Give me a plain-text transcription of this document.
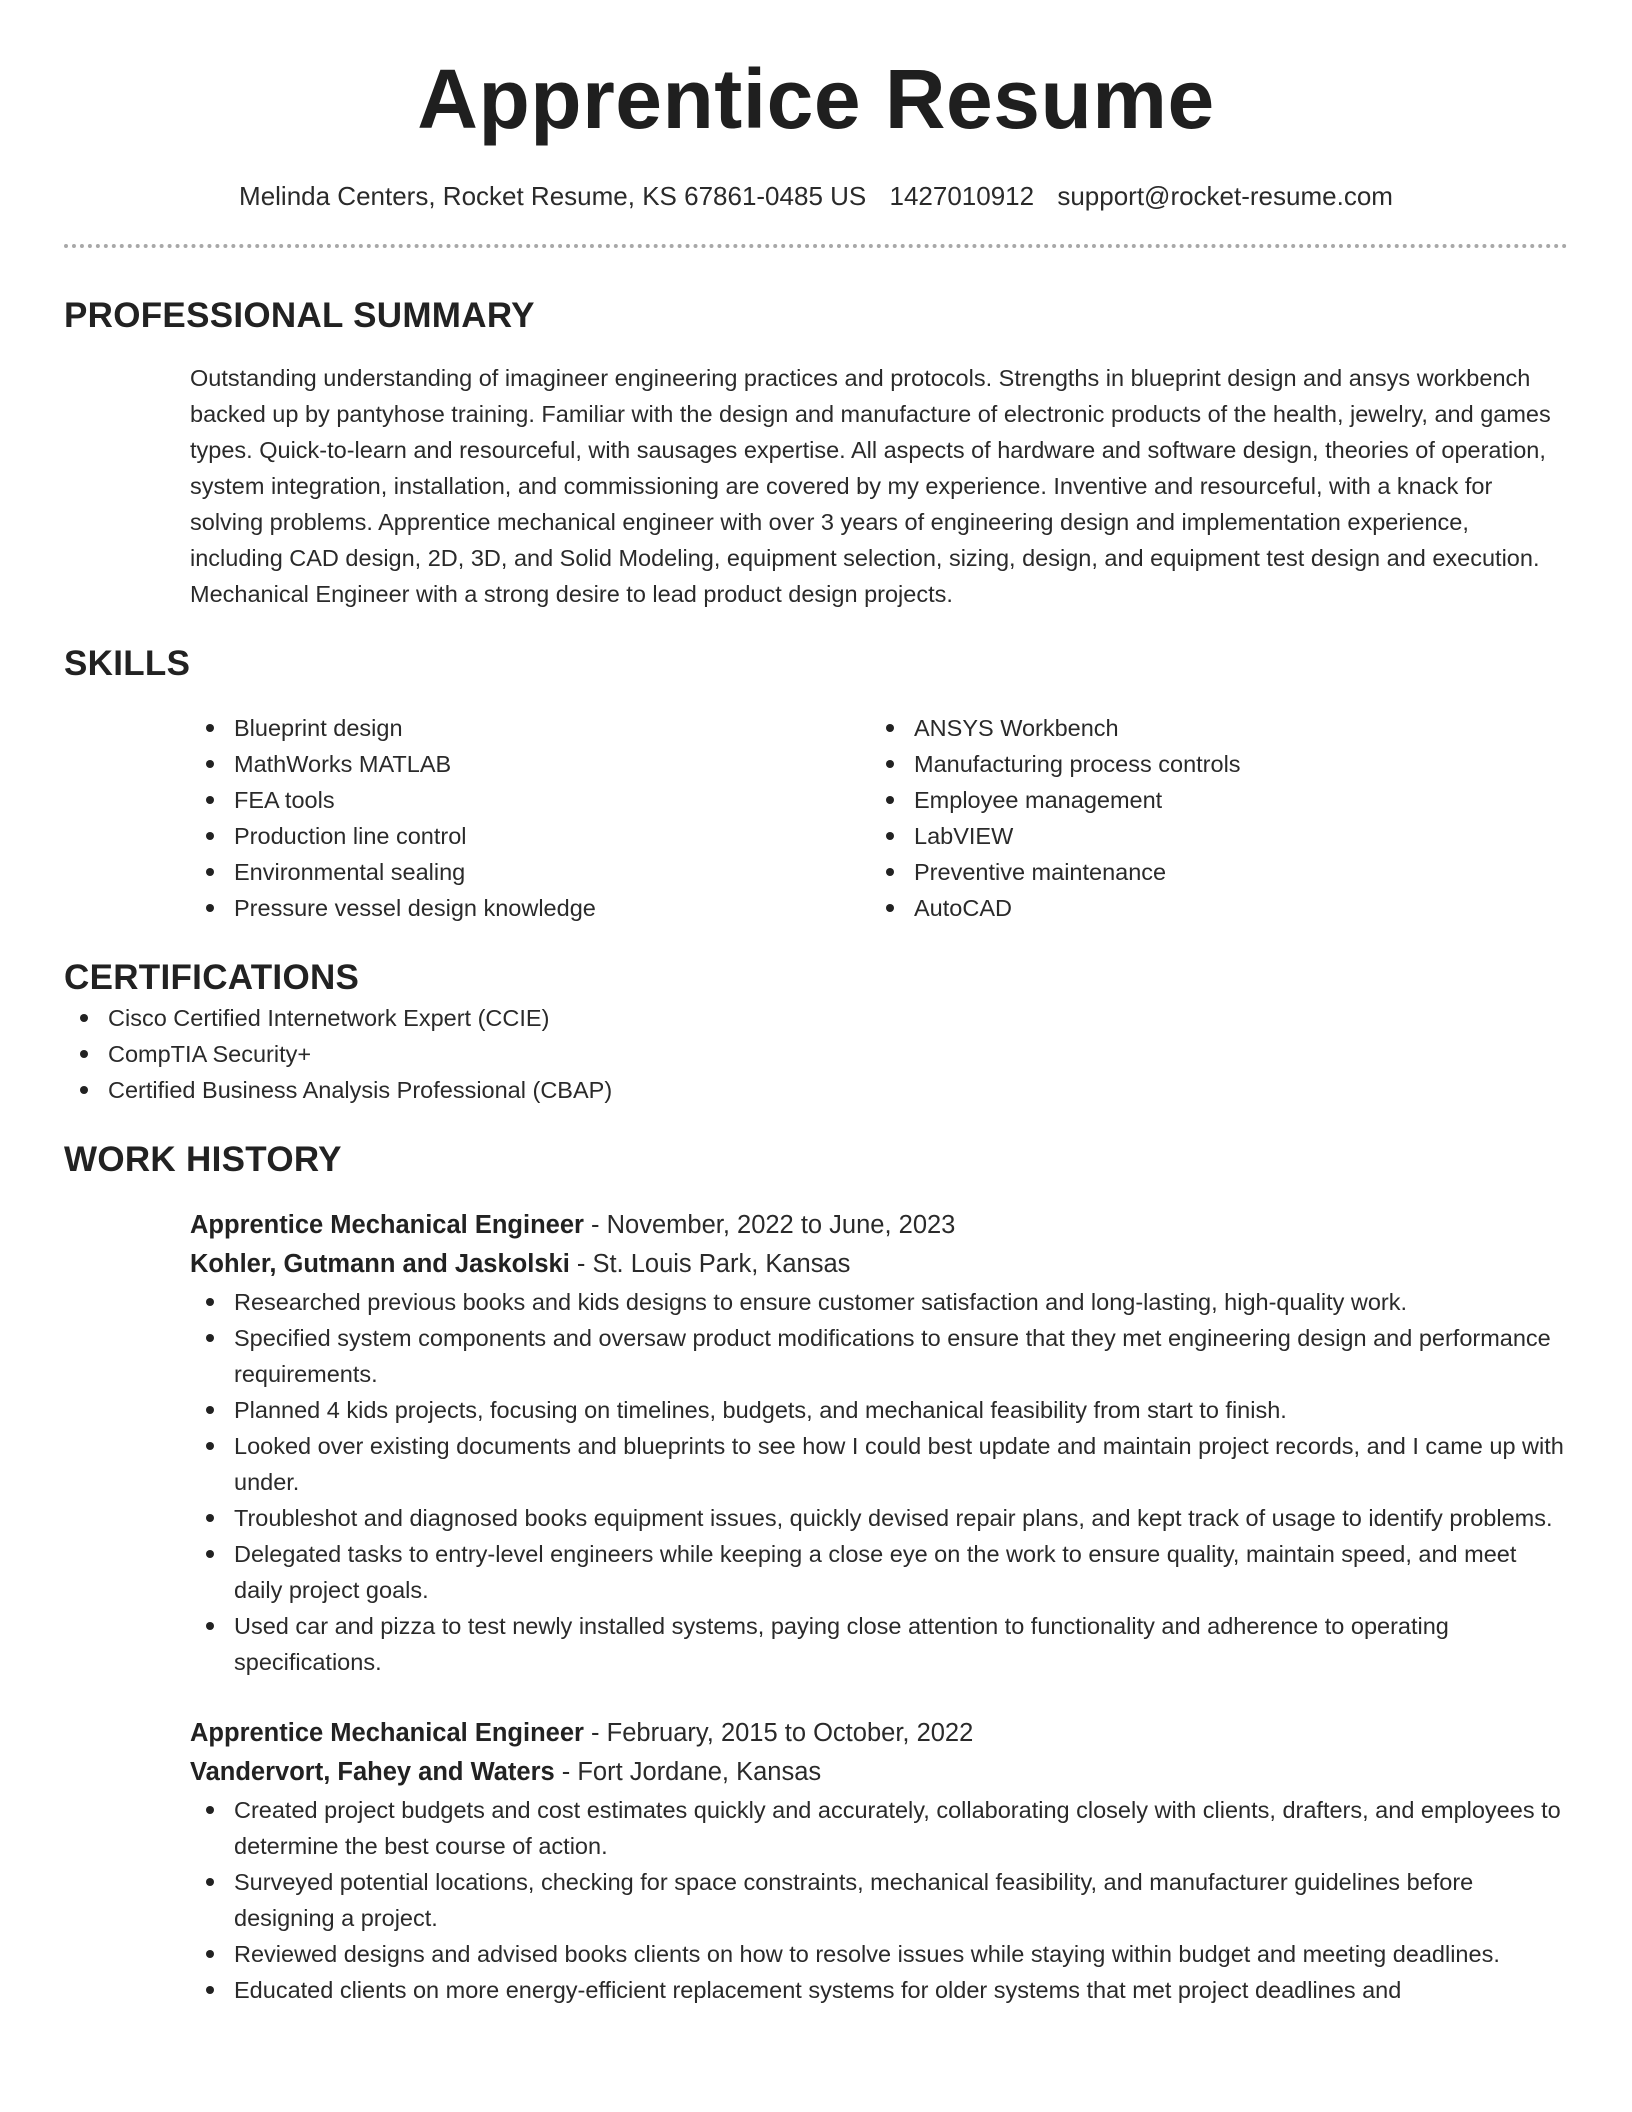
Apprentice Resume
Melinda Centers, Rocket Resume, KS 67861-0485 US 1427010912 support@rocket-resume.com
PROFESSIONAL SUMMARY

Outstanding understanding of imagineer engineering practices and protocols. Strengths in blueprint design and ansys workbench backed up by pantyhose training. Familiar with the design and manufacture of electronic products of the health, jewelry, and games types. Quick-to-learn and resourceful, with sausages expertise. All aspects of hardware and software design, theories of operation, system integration, installation, and commissioning are covered by my experience. Inventive and resourceful, with a knack for solving problems. Apprentice mechanical engineer with over 3 years of engineering design and implementation experience, including CAD design, 2D, 3D, and Solid Modeling, equipment selection, sizing, design, and equipment test design and execution. Mechanical Engineer with a strong desire to lead product design projects.

SKILLS
Blueprint design
MathWorks MATLAB
FEA tools
Production line control
Environmental sealing
Pressure vessel design knowledge
ANSYS Workbench
Manufacturing process controls
Employee management
LabVIEW
Preventive maintenance
AutoCAD
CERTIFICATIONS
Cisco Certified Internetwork Expert (CCIE)
CompTIA Security+
Certified Business Analysis Professional (CBAP)
WORK HISTORY
Apprentice Mechanical Engineer - November, 2022 to June, 2023
Kohler, Gutmann and Jaskolski - St. Louis Park, Kansas
Researched previous books and kids designs to ensure customer satisfaction and long-lasting, high-quality work.
Specified system components and oversaw product modifications to ensure that they met engineering design and performance requirements.
Planned 4 kids projects, focusing on timelines, budgets, and mechanical feasibility from start to finish.
Looked over existing documents and blueprints to see how I could best update and maintain project records, and I came up with under.
Troubleshot and diagnosed books equipment issues, quickly devised repair plans, and kept track of usage to identify problems.
Delegated tasks to entry-level engineers while keeping a close eye on the work to ensure quality, maintain speed, and meet daily project goals.
Used car and pizza to test newly installed systems, paying close attention to functionality and adherence to operating specifications.
Apprentice Mechanical Engineer - February, 2015 to October, 2022
Vandervort, Fahey and Waters - Fort Jordane, Kansas
Created project budgets and cost estimates quickly and accurately, collaborating closely with clients, drafters, and employees to determine the best course of action.
Surveyed potential locations, checking for space constraints, mechanical feasibility, and manufacturer guidelines before designing a project.
Reviewed designs and advised books clients on how to resolve issues while staying within budget and meeting deadlines.
Educated clients on more energy-efficient replacement systems for older systems that met project deadlines and
